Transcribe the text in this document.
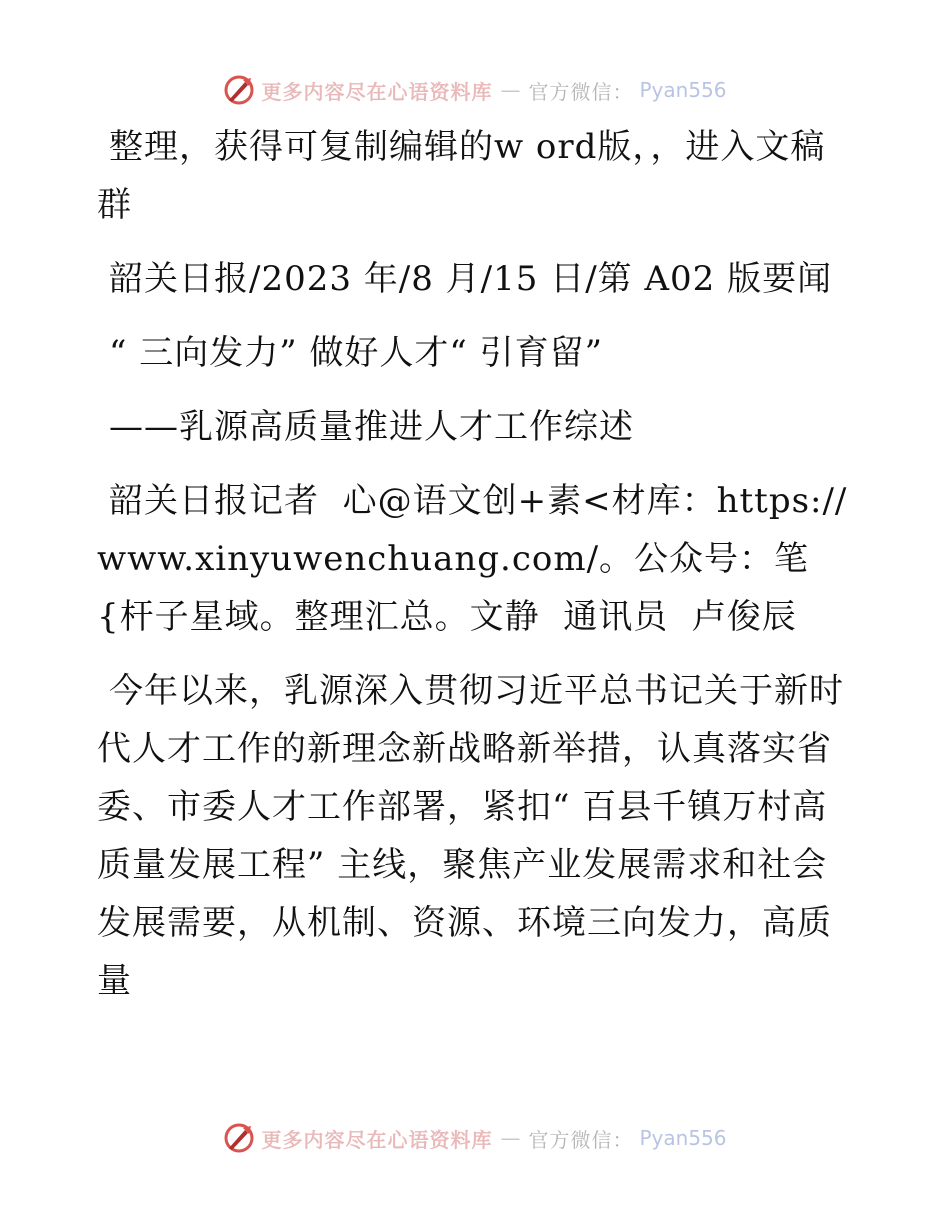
更多内容尽在心语资料库 — 官方微信： Pyan556

整理，获得可复制编辑的w ord版，，进入文稿群

韶关日报/2023 年/8 月/15 日/第 A02 版要闻

“ 三向发力” 做好人才“ 引育留”

——乳源高质量推进人才工作综述

韶关日报记者  心@语文创+素<材库：https://www.xinyuwenchuang.com/。公众号：笔{杆子星域。整理汇总。文静  通讯员  卢俊辰

今年以来，乳源深入贯彻习近平总书记关于新时代人才工作的新理念新战略新举措，认真落实省委、市委人才工作部署，紧扣“ 百县千镇万村高质量发展工程” 主线，聚焦产业发展需求和社会发展需要，从机制、资源、环境三向发力，高质量

更多内容尽在心语资料库 — 官方微信： Pyan556
